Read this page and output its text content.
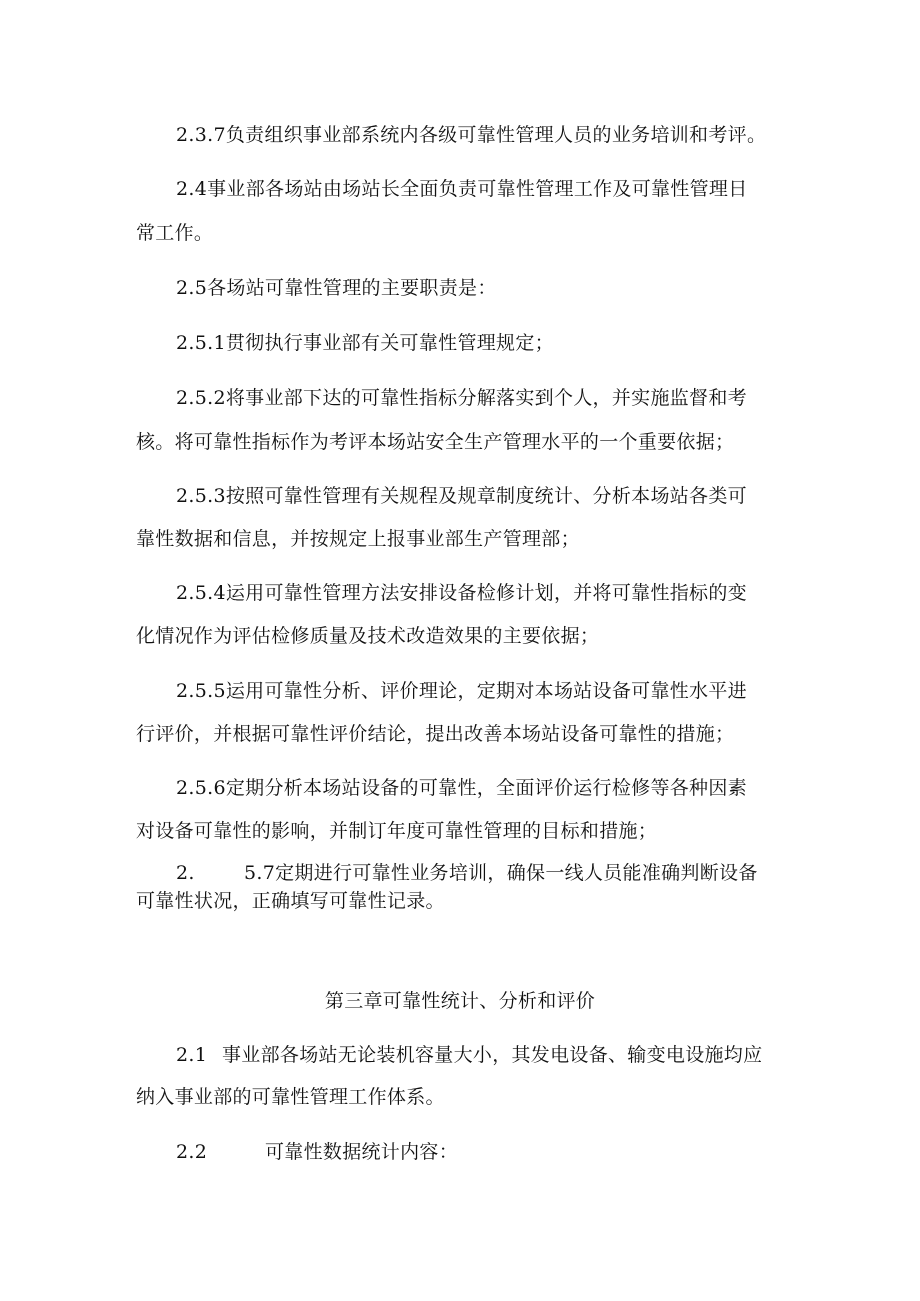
2.3.7负责组织事业部系统内各级可靠性管理人员的业务培训和考评。
2.4事业部各场站由场站长全面负责可靠性管理工作及可靠性管理日
常工作。
2.5各场站可靠性管理的主要职责是：
2.5.1贯彻执行事业部有关可靠性管理规定；
2.5.2将事业部下达的可靠性指标分解落实到个人，并实施监督和考
核。将可靠性指标作为考评本场站安全生产管理水平的一个重要依据；
2.5.3按照可靠性管理有关规程及规章制度统计、分析本场站各类可
靠性数据和信息，并按规定上报事业部生产管理部；
2.5.4运用可靠性管理方法安排设备检修计划，并将可靠性指标的变
化情况作为评估检修质量及技术改造效果的主要依据；
2.5.5运用可靠性分析、评价理论，定期对本场站设备可靠性水平进
行评价，并根据可靠性评价结论，提出改善本场站设备可靠性的措施；
2.5.6定期分析本场站设备的可靠性，全面评价运行检修等各种因素
对设备可靠性的影响，并制订年度可靠性管理的目标和措施；
2.	5.7定期进行可靠性业务培训，确保一线人员能准确判断设备
可靠性状况，正确填写可靠性记录。
第三章可靠性统计、分析和评价
2.1 事业部各场站无论装机容量大小，其发电设备、输变电设施均应
纳入事业部的可靠性管理工作体系。
2.2	可靠性数据统计内容：
